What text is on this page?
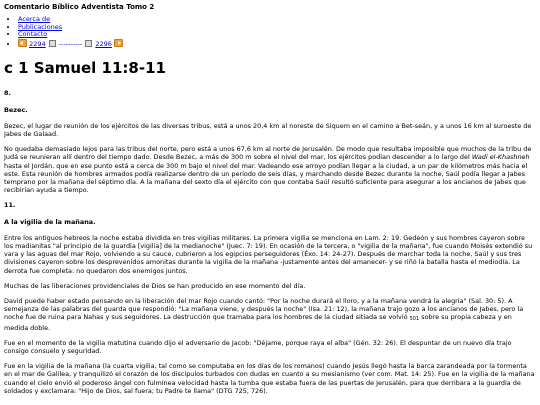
Comentario Bíblico Adventista Tomo 2
• Acerca de
• Publicaciones
• Contacto
• 2294  ----------  2296
c 1 Samuel 11:8-11

8.

Bezec.

Bezec, el lugar de reunión de los ejércitos de las diversas tribus, está a unos 20,4 km al noreste de Siquem en el camino a Bet-seán, y a unos 16 km al suroeste de Jabes de Galaad.

No quedaba demasiado lejos para las tribus del norte, pero está a unos 67,6 km al norte de Jerusalén. De modo que resultaba imposible que muchos de la tribu de Judá se reunieran allí dentro del tiempo dado. Desde Bezec, a más de 300 m sobre el nivel del mar, los ejércitos podían descender a lo largo del Wadi el-Khashneh hasta el Jordán, que en ese punto está a cerca de 300 m bajo el nivel del mar. Vadeando ese arroyo podían llegar a la ciudad, a un par de kilómetros más hacia el este. Esta reunión de hombres armados podía realizarse dentro de un período de seis días, y marchando desde Bezec durante la noche, Saúl podía llegar a Jabes temprano por la mañana del séptimo día. A la mañana del sexto día el ejército con que contaba Saúl resultó suficiente para asegurar a los ancianos de Jabes que recibirían ayuda a tiempo.

11.

A la vigilia de la mañana.

Entre los antiguos hebreos la noche estaba dividida en tres vigilias militares. La primera vigilia se menciona en Lam. 2: 19. Gedeón y sus hombres cayeron sobre los madianitas "al principio de la guardia [vigilia] de la medianoche" (Juec. 7: 19). En ocasión de la tercera, o "vigilia de la mañana", fue cuando Moisés extendió su vara y las aguas del mar Rojo, volviendo a su cauce, cubrieron a los egipcios perseguidores (Éxo. 14: 24-27). Después de marchar toda la noche, Saúl y sus tres divisiones cayeron sobre los desprevenidos amonitas durante la vigilia de la mañana -justamente antes del amanecer- y se riñó la batalla hasta el mediodía. La derrota fue completa: no quedaron dos enemigos juntos.

Muchas de las liberaciones providenciales de Dios se han producido en ese momento del día.

David puede haber estado pensando en la liberación del mar Rojo cuando cantó: "Por la noche durará el lloro, y a la mañana vendrá la alegría" (Sal. 30: 5). A semejanza de las palabras del guarda que respondió: "La mañana viene, y después la noche" (Isa. 21: 12), la mañana trajo gozo a los ancianos de Jabes, pero la noche fue de ruina para Nahas y sus seguidores. La destrucción que tramaba para los hombres de la ciudad sitiada se volvió $_{501}$ sobre su propia cabeza y en medida doble.

Fue en el momento de la vigilia matutina cuando dijo el adversario de Jacob: "Déjame, porque raya el alba" (Gén. 32: 26). El despuntar de un nuevo día trajo consigo consuelo y seguridad.

Fue en la vigilia de la mañana (la cuarta vigilia, tal como se computaba en los días de los romanos) cuando Jesús llegó hasta la barca zarandeada por la tormenta en el mar de Galilea, y tranquilizó el corazón de los discípulos turbados con dudas en cuanto a su mesianismo (ver com. Mat. 14: 25). Fue en la vigilia de la mañana cuando el cielo envió el poderoso ángel con fulmínea velocidad hasta la tumba que estaba fuera de las puertas de Jerusalén, para que derribara a la guardia de soldados y exclamara: "Hijo de Dios, sal fuera; tu Padre te llama" (DTG 725, 726).
